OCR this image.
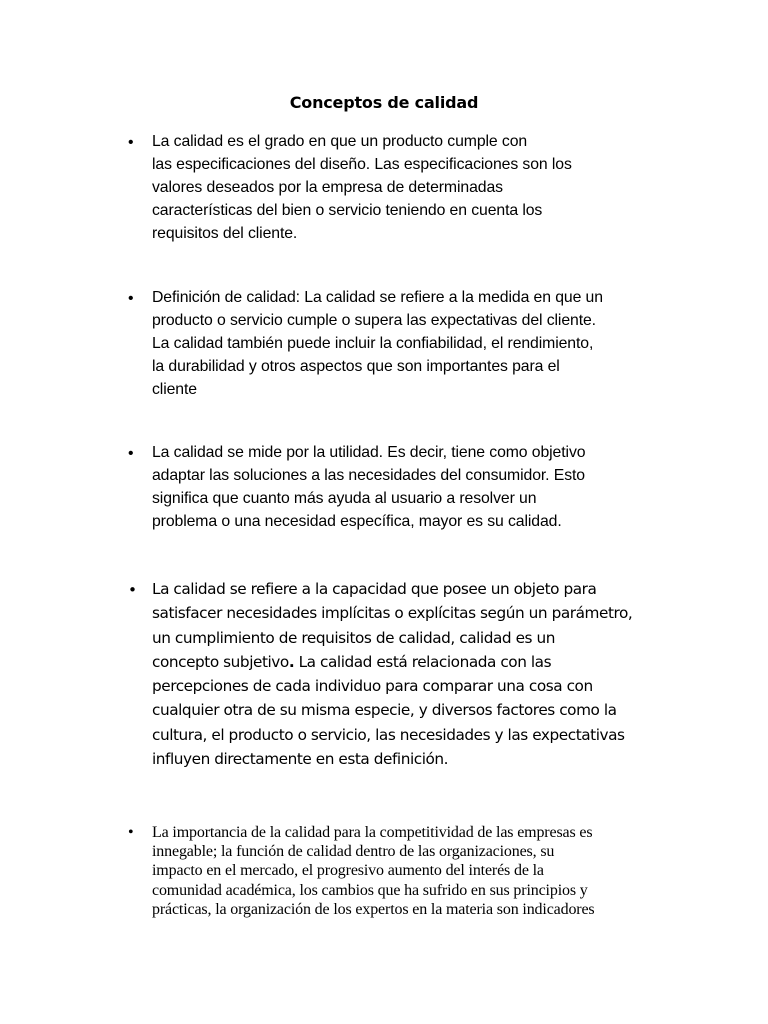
Conceptos de calidad
• La calidad es el grado en que un producto cumple con
las especificaciones del diseño. Las especificaciones son los
valores deseados por la empresa de determinadas
características del bien o servicio teniendo en cuenta los
requisitos del cliente.

• Definición de calidad: La calidad se refiere a la medida en que un
producto o servicio cumple o supera las expectativas del cliente.
La calidad también puede incluir la confiabilidad, el rendimiento,
la durabilidad y otros aspectos que son importantes para el
cliente

• La calidad se mide por la utilidad. Es decir, tiene como objetivo
adaptar las soluciones a las necesidades del consumidor. Esto
significa que cuanto más ayuda al usuario a resolver un
problema o una necesidad específica, mayor es su calidad.

• La calidad se refiere a la capacidad que posee un objeto para
satisfacer necesidades implícitas o explícitas según un parámetro,
un cumplimiento de requisitos de calidad, calidad es un
concepto subjetivo. La calidad está relacionada con las
percepciones de cada individuo para comparar una cosa con
cualquier otra de su misma especie, y diversos factores como la
cultura, el producto o servicio, las necesidades y las expectativas
influyen directamente en esta definición.

• La importancia de la calidad para la competitividad de las empresas es
innegable; la función de calidad dentro de las organizaciones, su
impacto en el mercado, el progresivo aumento del interés de la
comunidad académica, los cambios que ha sufrido en sus principios y
prácticas, la organización de los expertos en la materia son indicadores
